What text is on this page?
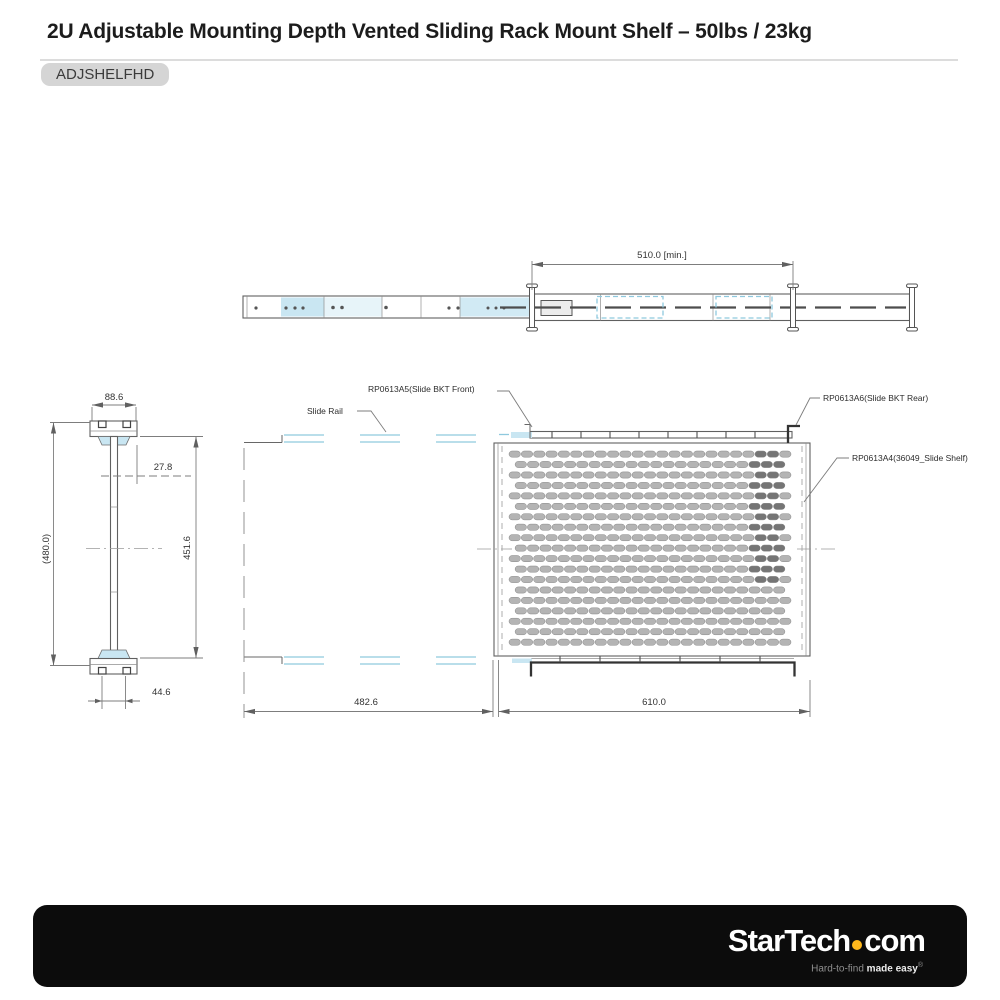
2U Adjustable Mounting Depth Vented Sliding Rack Mount Shelf – 50lbs / 23kg
ADJSHELFHD
510.0 [min.]
88.6
27.8
(480.0)	451.6
44.6
Slide Rail
RP0613A5(Slide BKT Front)
RP0613A6(Slide BKT Rear)
RP0613A4(36049_Slide Shelf)
482.6	610.0
StarTech com
Hard-to-find made easy®
